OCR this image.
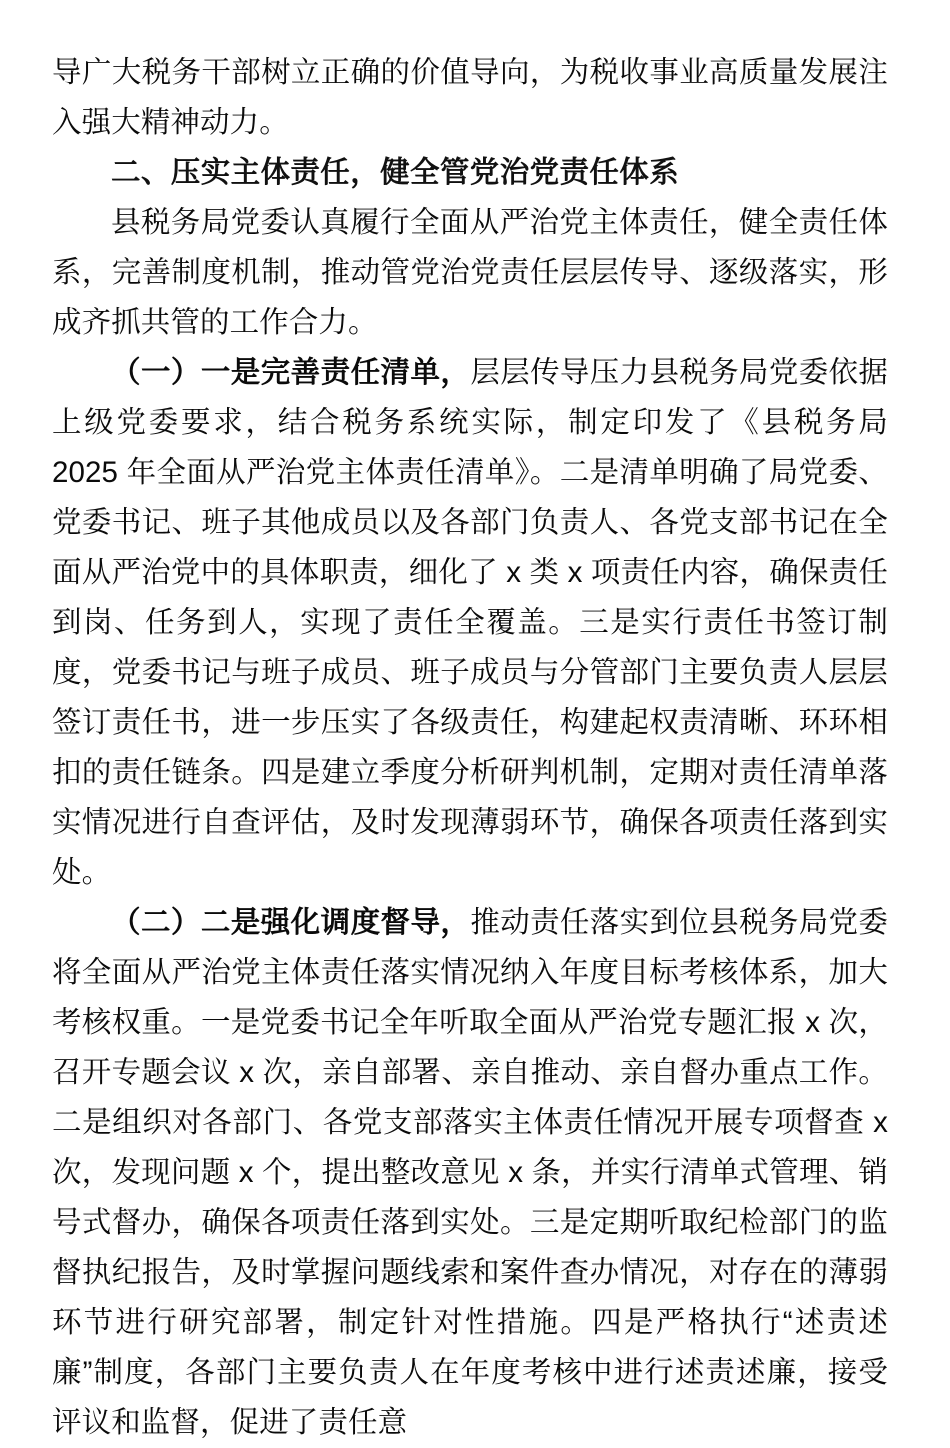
导广大税务干部树立正确的价值导向，为税收事业高质量发展注入强大精神动力。

二、压实主体责任，健全管党治党责任体系

县税务局党委认真履行全面从严治党主体责任，健全责任体系，完善制度机制，推动管党治党责任层层传导、逐级落实，形成齐抓共管的工作合力。

（一）一是完善责任清单，层层传导压力县税务局党委依据上级党委要求，结合税务系统实际，制定印发了《县税务局 2025 年全面从严治党主体责任清单》。二是清单明确了局党委、党委书记、班子其他成员以及各部门负责人、各党支部书记在全面从严治党中的具体职责，细化了 x 类 x 项责任内容，确保责任到岗、任务到人，实现了责任全覆盖。三是实行责任书签订制度，党委书记与班子成员、班子成员与分管部门主要负责人层层签订责任书，进一步压实了各级责任，构建起权责清晰、环环相扣的责任链条。四是建立季度分析研判机制，定期对责任清单落实情况进行自查评估，及时发现薄弱环节，确保各项责任落到实处。

（二）二是强化调度督导，推动责任落实到位县税务局党委将全面从严治党主体责任落实情况纳入年度目标考核体系，加大考核权重。一是党委书记全年听取全面从严治党专题汇报 x 次，召开专题会议 x 次，亲自部署、亲自推动、亲自督办重点工作。二是组织对各部门、各党支部落实主体责任情况开展专项督查 x 次，发现问题 x 个，提出整改意见 x 条，并实行清单式管理、销号式督办，确保各项责任落到实处。三是定期听取纪检部门的监督执纪报告，及时掌握问题线索和案件查办情况，对存在的薄弱环节进行研究部署，制定针对性措施。四是严格执行“述责述廉”制度，各部门主要负责人在年度考核中进行述责述廉，接受评议和监督，促进了责任意
